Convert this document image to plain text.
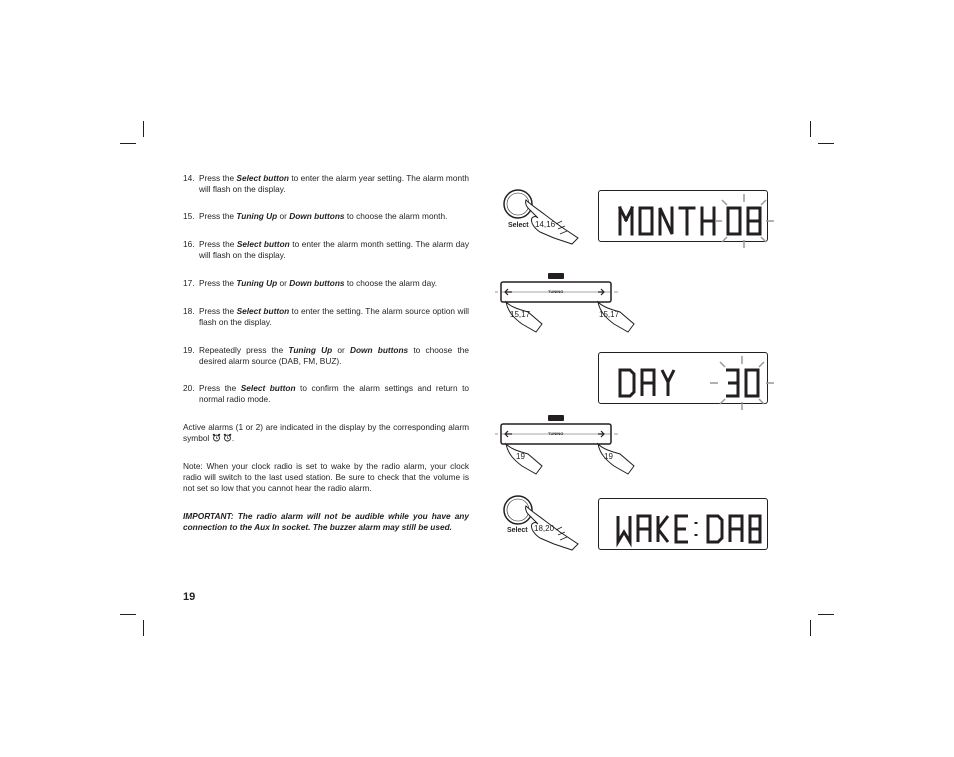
14. Press the Select button to enter the alarm year setting. The alarm month will flash on the display.
15. Press the Tuning Up or Down buttons to choose the alarm month.
16. Press the Select button to enter the alarm month setting. The alarm day will flash on the display.
17. Press the Tuning Up or Down buttons to choose the alarm day.
18. Press the Select button to enter the setting. The alarm source option will flash on the display.
19. Repeatedly press the Tuning Up or Down buttons to choose the desired alarm source (DAB, FM, BUZ).
20. Press the Select button to confirm the alarm settings and return to normal radio mode.
Active alarms (1 or 2) are indicated in the display by the corresponding alarm symbol  .
Note: When your clock radio is set to wake by the radio alarm, your clock radio will switch to the last used station. Be sure to check that the volume is not set so low that you cannot hear the radio alarm.
IMPORTANT: The radio alarm will not be audible while you have any connection to the Aux In socket. The buzzer alarm may still be used.
19
Select 14,16
TUNING
15,17	15,17
TUNING
19	19
Select 18,20
